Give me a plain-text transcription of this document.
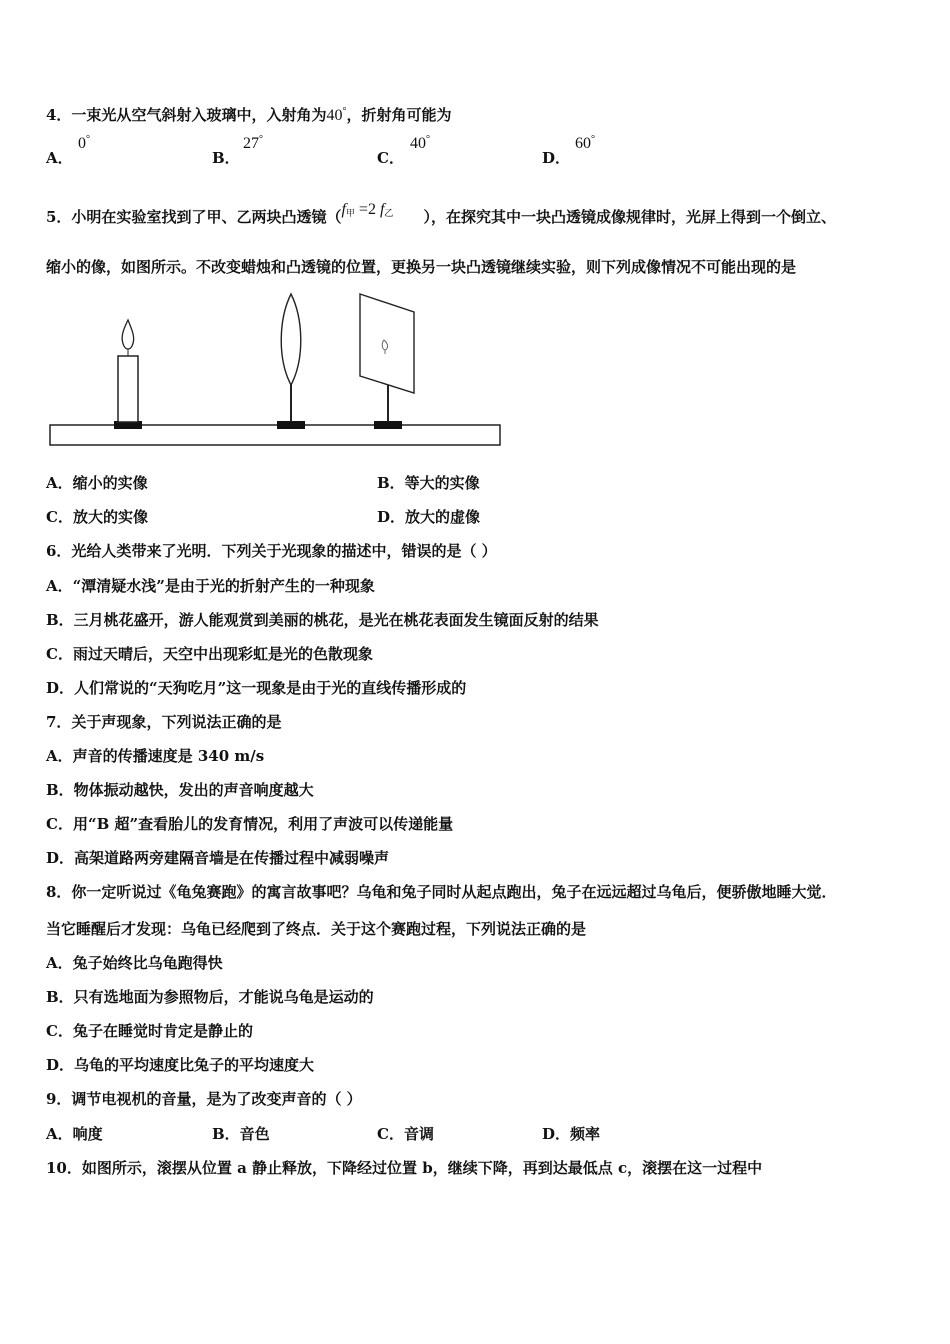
4．一束光从空气斜射入玻璃中，入射角为40°，折射角可能为
A．
0°
B．
27°
C．
40°
D．
60°
5．小明在实验室找到了甲、乙两块凸透镜（$f_甲 =2$ $f_乙$ ），在探究其中一块凸透镜成像规律时，光屏上得到一个倒立、
缩小的像，如图所示。不改变蜡烛和凸透镜的位置，更换另一块凸透镜继续实验，则下列成像情况不可能出现的是
A．缩小的实像	B．等大的实像
C．放大的实像	D．放大的虚像
6．光给人类带来了光明．下列关于光现象的描述中，错误的是（ ）
A．“潭清疑水浅”是由于光的折射产生的一种现象
B．三月桃花盛开，游人能观赏到美丽的桃花，是光在桃花表面发生镜面反射的结果
C．雨过天晴后，天空中出现彩虹是光的色散现象
D．人们常说的“天狗吃月”这一现象是由于光的直线传播形成的
7．关于声现象，下列说法正确的是
A．声音的传播速度是 340 m/s
B．物体振动越快，发出的声音响度越大
C．用“B 超”查看胎儿的发育情况，利用了声波可以传递能量
D．高架道路两旁建隔音墙是在传播过程中减弱噪声
8．你一定听说过《龟兔赛跑》的寓言故事吧？乌龟和兔子同时从起点跑出，兔子在远远超过乌龟后，便骄傲地睡大觉．
当它睡醒后才发现：乌龟已经爬到了终点．关于这个赛跑过程，下列说法正确的是
A．兔子始终比乌龟跑得快
B．只有选地面为参照物后，才能说乌龟是运动的
C．兔子在睡觉时肯定是静止的
D．乌龟的平均速度比兔子的平均速度大
9．调节电视机的音量，是为了改变声音的（ ）
A．响度	B．音色	C．音调	D．频率
10．如图所示，滚摆从位置 a 静止释放，下降经过位置 b，继续下降，再到达最低点 c，滚摆在这一过程中
